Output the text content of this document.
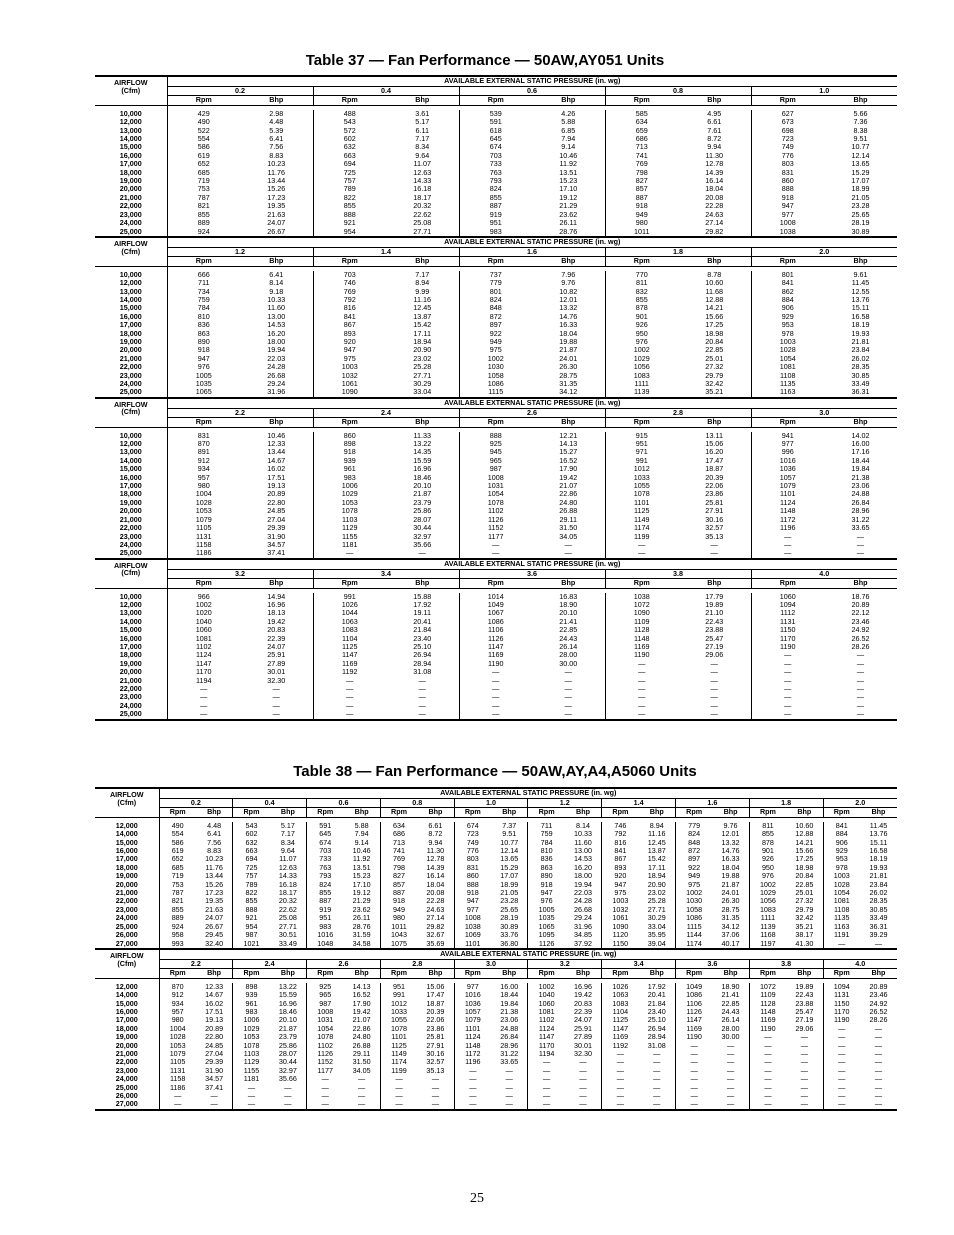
Table 37 — Fan Performance — 50AW,AY051 Units
AIRFLOW
(Cfm)	AVAILABLE EXTERNAL STATIC PRESSURE (in. wg)									
	0.2		0.4		0.6		0.8		1.0	
	Rpm	Bhp	Rpm	Bhp	Rpm	Bhp	Rpm	Bhp	Rpm	Bhp

10,000	429	2.98	488	3.61	539	4.26	585	4.95	627	5.66
12,000	490	4.48	543	5.17	591	5.88	634	6.61	673	7.36
13,000	522	5.39	572	6.11	618	6.85	659	7.61	698	8.38
14,000	554	6.41	602	7.17	645	7.94	686	8.72	723	9.51
15,000	586	7.56	632	8.34	674	9.14	713	9.94	749	10.77
16,000	619	8.83	663	9.64	703	10.46	741	11.30	776	12.14
17,000	652	10.23	694	11.07	733	11.92	769	12.78	803	13.65
18,000	685	11.76	725	12.63	763	13.51	798	14.39	831	15.29
19,000	719	13.44	757	14.33	793	15.23	827	16.14	860	17.07
20,000	753	15.26	789	16.18	824	17.10	857	18.04	888	18.99
21,000	787	17.23	822	18.17	855	19.12	887	20.08	918	21.05
22,000	821	19.35	855	20.32	887	21.29	918	22.28	947	23.28
23,000	855	21.63	888	22.62	919	23.62	949	24.63	977	25.65
24,000	889	24.07	921	25.08	951	26.11	980	27.14	1008	28.19
25,000	924	26.67	954	27.71	983	28.76	1011	29.82	1038	30.89

AIRFLOW
(Cfm)	AVAILABLE EXTERNAL STATIC PRESSURE (in. wg)									
	1.2		1.4		1.6		1.8		2.0	
	Rpm	Bhp	Rpm	Bhp	Rpm	Bhp	Rpm	Bhp	Rpm	Bhp

10,000	666	6.41	703	7.17	737	7.96	770	8.78	801	9.61
12,000	711	8.14	746	8.94	779	9.76	811	10.60	841	11.45
13,000	734	9.18	769	9.99	801	10.82	832	11.68	862	12.55
14,000	759	10.33	792	11.16	824	12.01	855	12.88	884	13.76
15,000	784	11.60	816	12.45	848	13.32	878	14.21	906	15.11
16,000	810	13.00	841	13.87	872	14.76	901	15.66	929	16.58
17,000	836	14.53	867	15.42	897	16.33	926	17.25	953	18.19
18,000	863	16.20	893	17.11	922	18.04	950	18.98	978	19.93
19,000	890	18.00	920	18.94	949	19.88	976	20.84	1003	21.81
20,000	918	19.94	947	20.90	975	21.87	1002	22.85	1028	23.84
21,000	947	22.03	975	23.02	1002	24.01	1029	25.01	1054	26.02
22,000	976	24.28	1003	25.28	1030	26.30	1056	27.32	1081	28.35
23,000	1005	26.68	1032	27.71	1058	28.75	1083	29.79	1108	30.85
24,000	1035	29.24	1061	30.29	1086	31.35	1111	32.42	1135	33.49
25,000	1065	31.96	1090	33.04	1115	34.12	1139	35.21	1163	36.31

AIRFLOW
(Cfm)	AVAILABLE EXTERNAL STATIC PRESSURE (in. wg)									
	2.2		2.4		2.6		2.8		3.0	
	Rpm	Bhp	Rpm	Bhp	Rpm	Bhp	Rpm	Bhp	Rpm	Bhp

10,000	831	10.46	860	11.33	888	12.21	915	13.11	941	14.02
12,000	870	12.33	898	13.22	925	14.13	951	15.06	977	16.00
13,000	891	13.44	918	14.35	945	15.27	971	16.20	996	17.16
14,000	912	14.67	939	15.59	965	16.52	991	17.47	1016	18.44
15,000	934	16.02	961	16.96	987	17.90	1012	18.87	1036	19.84
16,000	957	17.51	983	18.46	1008	19.42	1033	20.39	1057	21.38
17,000	980	19.13	1006	20.10	1031	21.07	1055	22.06	1079	23.06
18,000	1004	20.89	1029	21.87	1054	22.86	1078	23.86	1101	24.88
19,000	1028	22.80	1053	23.79	1078	24.80	1101	25.81	1124	26.84
20,000	1053	24.85	1078	25.86	1102	26.88	1125	27.91	1148	28.96
21,000	1079	27.04	1103	28.07	1126	29.11	1149	30.16	1172	31.22
22,000	1105	29.39	1129	30.44	1152	31.50	1174	32.57	1196	33.65
23,000	1131	31.90	1155	32.97	1177	34.05	1199	35.13	—	—
24,000	1158	34.57	1181	35.66	—	—	—	—	—	—
25,000	1186	37.41	—	—	—	—	—	—	—	—

AIRFLOW
(Cfm)	AVAILABLE EXTERNAL STATIC PRESSURE (in. wg)									
	3.2		3.4		3.6		3.8		4.0	
	Rpm	Bhp	Rpm	Bhp	Rpm	Bhp	Rpm	Bhp	Rpm	Bhp

10,000	966	14.94	991	15.88	1014	16.83	1038	17.79	1060	18.76
12,000	1002	16.96	1026	17.92	1049	18.90	1072	19.89	1094	20.89
13,000	1020	18.13	1044	19.11	1067	20.10	1090	21.10	1112	22.12
14,000	1040	19.42	1063	20.41	1086	21.41	1109	22.43	1131	23.46
15,000	1060	20.83	1083	21.84	1106	22.85	1128	23.88	1150	24.92
16,000	1081	22.39	1104	23.40	1126	24.43	1148	25.47	1170	26.52
17,000	1102	24.07	1125	25.10	1147	26.14	1169	27.19	1190	28.26
18,000	1124	25.91	1147	26.94	1169	28.00	1190	29.06	—	—
19,000	1147	27.89	1169	28.94	1190	30.00	—	—	—	—
20,000	1170	30.01	1192	31.08	—	—	—	—	—	—
21,000	1194	32.30	—	—	—	—	—	—	—	—
22,000	—	—	—	—	—	—	—	—	—	—
23,000	—	—	—	—	—	—	—	—	—	—
24,000	—	—	—	—	—	—	—	—	—	—
25,000	—	—	—	—	—	—	—	—	—	—
Table 38 — Fan Performance — 50AW,AY,A4,A5060 Units
AIRFLOW
(Cfm)	AVAILABLE EXTERNAL STATIC PRESSURE (in. wg)																			
	0.2		0.4		0.6		0.8		1.0		1.2		1.4		1.6		1.8		2.0	
	Rpm	Bhp	Rpm	Bhp	Rpm	Bhp	Rpm	Bhp	Rpm	Bhp	Rpm	Bhp	Rpm	Bhp	Rpm	Bhp	Rpm	Bhp	Rpm	Bhp

12,000	490	4.48	543	5.17	591	5.88	634	6.61	674	7.37	711	8.14	746	8.94	779	9.76	811	10.60	841	11.45
14,000	554	6.41	602	7.17	645	7.94	686	8.72	723	9.51	759	10.33	792	11.16	824	12.01	855	12.88	884	13.76
15,000	586	7.56	632	8.34	674	9.14	713	9.94	749	10.77	784	11.60	816	12.45	848	13.32	878	14.21	906	15.11
16,000	619	8.83	663	9.64	703	10.46	741	11.30	776	12.14	810	13.00	841	13.87	872	14.76	901	15.66	929	16.58
17,000	652	10.23	694	11.07	733	11.92	769	12.78	803	13.65	836	14.53	867	15.42	897	16.33	926	17.25	953	18.19
18,000	685	11.76	725	12.63	763	13.51	798	14.39	831	15.29	863	16.20	893	17.11	922	18.04	950	18.98	978	19.93
19,000	719	13.44	757	14.33	793	15.23	827	16.14	860	17.07	890	18.00	920	18.94	949	19.88	976	20.84	1003	21.81
20,000	753	15.26	789	16.18	824	17.10	857	18.04	888	18.99	918	19.94	947	20.90	975	21.87	1002	22.85	1028	23.84
21,000	787	17.23	822	18.17	855	19.12	887	20.08	918	21.05	947	22.03	975	23.02	1002	24.01	1029	25.01	1054	26.02
22,000	821	19.35	855	20.32	887	21.29	918	22.28	947	23.28	976	24.28	1003	25.28	1030	26.30	1056	27.32	1081	28.35
23,000	855	21.63	888	22.62	919	23.62	949	24.63	977	25.65	1005	26.68	1032	27.71	1058	28.75	1083	29.79	1108	30.85
24,000	889	24.07	921	25.08	951	26.11	980	27.14	1008	28.19	1035	29.24	1061	30.29	1086	31.35	1111	32.42	1135	33.49
25,000	924	26.67	954	27.71	983	28.76	1011	29.82	1038	30.89	1065	31.96	1090	33.04	1115	34.12	1139	35.21	1163	36.31
26,000	958	29.45	987	30.51	1016	31.59	1043	32.67	1069	33.76	1095	34.85	1120	35.95	1144	37.06	1168	38.17	1191	39.29
27,000	993	32.40	1021	33.49	1048	34.58	1075	35.69	1101	36.80	1126	37.92	1150	39.04	1174	40.17	1197	41.30	—	—

AIRFLOW
(Cfm)	AVAILABLE EXTERNAL STATIC PRESSURE (in. wg)																			
	2.2		2.4		2.6		2.8		3.0		3.2		3.4		3.6		3.8		4.0	
	Rpm	Bhp	Rpm	Bhp	Rpm	Bhp	Rpm	Bhp	Rpm	Bhp	Rpm	Bhp	Rpm	Bhp	Rpm	Bhp	Rpm	Bhp	Rpm	Bhp

12,000	870	12.33	898	13.22	925	14.13	951	15.06	977	16.00	1002	16.96	1026	17.92	1049	18.90	1072	19.89	1094	20.89
14,000	912	14.67	939	15.59	965	16.52	991	17.47	1016	18.44	1040	19.42	1063	20.41	1086	21.41	1109	22.43	1131	23.46
15,000	934	16.02	961	16.96	987	17.90	1012	18.87	1036	19.84	1060	20.83	1083	21.84	1106	22.85	1128	23.88	1150	24.92
16,000	957	17.51	983	18.46	1008	19.42	1033	20.39	1057	21.38	1081	22.39	1104	23.40	1126	24.43	1148	25.47	1170	26.52
17,000	980	19.13	1006	20.10	1031	21.07	1055	22.06	1079	23.06	1102	24.07	1125	25.10	1147	26.14	1169	27.19	1190	28.26
18,000	1004	20.89	1029	21.87	1054	22.86	1078	23.86	1101	24.88	1124	25.91	1147	26.94	1169	28.00	1190	29.06	—	—
19,000	1028	22.80	1053	23.79	1078	24.80	1101	25.81	1124	26.84	1147	27.89	1169	28.94	1190	30.00	—	—	—	—
20,000	1053	24.85	1078	25.86	1102	26.88	1125	27.91	1148	28.96	1170	30.01	1192	31.08	—	—	—	—	—	—
21,000	1079	27.04	1103	28.07	1126	29.11	1149	30.16	1172	31.22	1194	32.30	—	—	—	—	—	—	—	—
22,000	1105	29.39	1129	30.44	1152	31.50	1174	32.57	1196	33.65	—	—	—	—	—	—	—	—	—	—
23,000	1131	31.90	1155	32.97	1177	34.05	1199	35.13	—	—	—	—	—	—	—	—	—	—	—	—
24,000	1158	34.57	1181	35.66	—	—	—	—	—	—	—	—	—	—	—	—	—	—	—	—
25,000	1186	37.41	—	—	—	—	—	—	—	—	—	—	—	—	—	—	—	—	—	—
26,000	—	—	—	—	—	—	—	—	—	—	—	—	—	—	—	—	—	—	—	—
27,000	—	—	—	—	—	—	—	—	—	—	—	—	—	—	—	—	—	—	—	—
25
